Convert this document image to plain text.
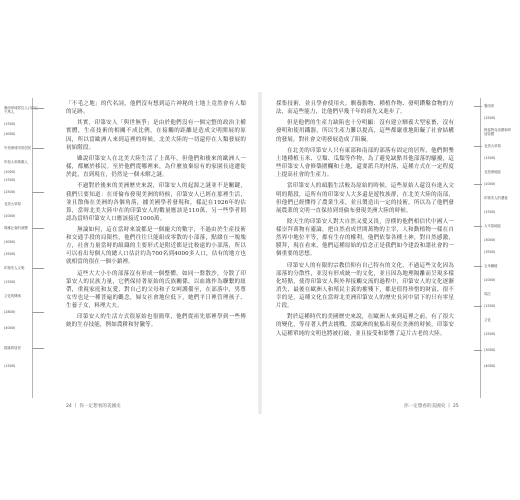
墨西哥城居住人口約五千萬人
(1500)
(3000)
中美洲城市的居民
印加人和瑪雅人
(2000)
(1500)
(2500)
北美大草原
(2000)
瑪雅社會的演變
(3000)
(3500)
印第安人文明
(1500)
文化的傳承
(2800)
(4000)
群落的居民
(1500)

「不毛之地」的代名詞，他們沒有想到這片神秘的土地上竟然會有人類的足跡。

其實，印第安人「與世無爭」是由於他們沒有一個完整的政治主權實體，生產技術的相關不成比例，在接觸的距離是造成文明開展的原因，所以當歐洲人來到這裡的時候，北美大陸的一切還停在人類發展的初始階段。

雖說印第安人在北美大陸生活了上萬年，但他們和後來的歐洲人一樣，都屬於移民。至於他們從哪裡來，為什麼放棄原有的家園長途遷徙於此，直到現在，仍然是一個未解之謎。

不過對於後來的美洲歷史來說，印第安人的起源之謎並不是關鍵，我們只要知道：在哥倫布發現美洲的時候，印第安人已經在那裡生活，並且散佈在美洲的各個角落，據美國學者發現和，樣記在1926年的估算，當時北美大陸中在的印第安人的數量應該是110萬，另一些學者則認為當時印第安人口應該接近1000萬。

無論如何，這在當時來說都是一個龐大的數字，不過由於生產技術和交通手段的局限性，他們往往只能組成零散的小部落，點綴在一塊塊方，社會力量當時的組織的主要形式是附近都是比較遠的小部落，所以可以看出每個人的總人口估計約為700名到4000多人口，估有的地方也就相當的很在一個小鎮裡。

這些大大小小的部落沒有形成一個整體，如同一盤散沙，分散了印第安人的民族力量，它們保持著原始的氏族關係，以血緣作為聯繫的紐帶，重視家庭和友愛，對自己的父母和子女呵護備至，在部落中，男尊女卑也是一種普遍的觀念，婦女社會地位低下，她們平日裡管理孩子、生養子女，料理大夫。

印第安人的生活方式很原始也很簡單，他們從祖先那裡學到一些傳統的生存技能，例如農耕和狩獵等。

24 丨 你一定想看的美國史

採集技術，並且學會使用火。馴養動物、種植作物、發明鑽鑿食物的方法，而這些能力，比他們早幾千年的祖先又進步了。

但是他們的生產力缺陷也十分明顯：沒有建立馴養大型家畜，沒有發明和使用鐵器，所以生產力難以提高，這些都嚴重地阻礙了社會結構的發展，對社會文明發展造成了阻礙。

在北美的印第安人只有東部和南部的部落有固定的居所，他們開墾土地種植玉米、豆類、瓜類等作物，為了避免缺點其他部落的騷擾，這些印第安人會修築圍欄和土地，還要派兵的村落，這種方式在一定程度上提高社會的生產力。

當印第安人的頭腦生活較為原始的時候，這些原始人還沒有進入文明的階段，這所有的印第安人大多還是遊牧族群，在北美大陸的南部，但他們已經懂得了農業生產，並且製造出一定的技術，所以為了他們發展農業的文明一直保持到哥倫布發現美洲大陸的時候。

除天生的印第安人對大自然又愛又畏，淳樸的他們相信代中國人一樣崇拜萬物有靈論，把自然看成世間萬物的主宰，人和動植物一樣在自然界中地位平等，都有生存的權利，他們依靠各種土神，對自然感激，膜拜，現在看來，他們這種原始的信念正是我們如今建設和諧社會的一個重要的思想。

印第安人的有限的宗教信仰有自己特有的文化，不過這些文化因為部落的分散性，並沒有形成統一的文化，並且因為地理隔離而呈現多樣化特點，使得印第安人與外界接觸交流的過程中，印第安人的文化逐漸消失，最後在歐洲人和殖民主義的摧殘下，都是值得珍惜的財富，很不幸的是，這種文化在當時北美洲印第安人的歷史長河中留下的只有零星片段。

對於這種時代的美國歷史來說，在歐洲人來到這裡之前，有了很大的變化，等待著人們去挑戰，當歐洲的航船出現在美洲的時候，印第安人這種單純的文明也將被打破，並且接受和影響了這片古老的大陸。

墨西哥
(2500)
阿茲特克帝國和印加帝國
北美大草原
(1500)
北美洲地區
(2000)
印第安人的遷徙
(1500)
大平原地區
(3000)
(3500)
玉米種植
(2000)
馬匹
(1500)
文化
(2500)
(3000)
(4000)
你一定想看的美國史 丨 25
